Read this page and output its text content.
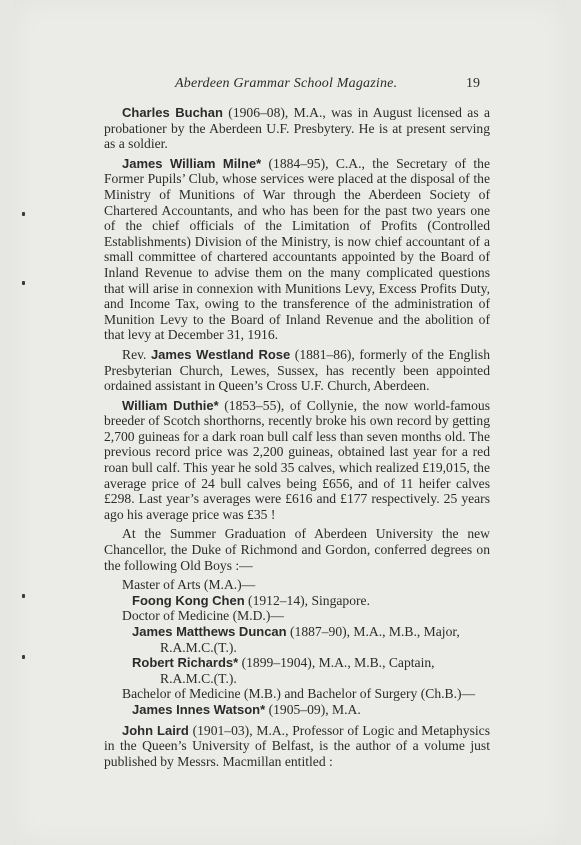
Aberdeen Grammar School Magazine.	19

Charles Buchan (1906–08), M.A., was in August licensed as a probationer by the Aberdeen U.F. Presbytery. He is at present serving as a soldier.

James William Milne* (1884–95), C.A., the Secretary of the Former Pupils’ Club, whose services were placed at the disposal of the Ministry of Munitions of War through the Aberdeen Society of Chartered Accountants, and who has been for the past two years one of the chief officials of the Limitation of Profits (Controlled Establishments) Division of the Ministry, is now chief accountant of a small committee of chartered accountants appointed by the Board of Inland Revenue to advise them on the many complicated questions that will arise in connexion with Munitions Levy, Excess Profits Duty, and Income Tax, owing to the transference of the administration of Munition Levy to the Board of Inland Revenue and the abolition of that levy at December 31, 1916.

Rev. James Westland Rose (1881–86), formerly of the English Presbyterian Church, Lewes, Sussex, has recently been appointed ordained assistant in Queen’s Cross U.F. Church, Aberdeen.

William Duthie* (1853–55), of Collynie, the now world-famous breeder of Scotch shorthorns, recently broke his own record by getting 2,700 guineas for a dark roan bull calf less than seven months old. The previous record price was 2,200 guineas, obtained last year for a red roan bull calf. This year he sold 35 calves, which realized £19,015, the average price of 24 bull calves being £656, and of 11 heifer calves £298. Last year’s averages were £616 and £177 respectively. 25 years ago his average price was £35 !

At the Summer Graduation of Aberdeen University the new Chancellor, the Duke of Richmond and Gordon, conferred degrees on the following Old Boys :—

Master of Arts (M.A.)—
Foong Kong Chen (1912–14), Singapore.
Doctor of Medicine (M.D.)—
James Matthews Duncan (1887–90), M.A., M.B., Major, R.A.M.C.(T.).
Robert Richards* (1899–1904), M.A., M.B., Captain, R.A.M.C.(T.).
Bachelor of Medicine (M.B.) and Bachelor of Surgery (Ch.B.)—
James Innes Watson* (1905–09), M.A.

John Laird (1901–03), M.A., Professor of Logic and Metaphysics in the Queen’s University of Belfast, is the author of a volume just published by Messrs. Macmillan entitled :
